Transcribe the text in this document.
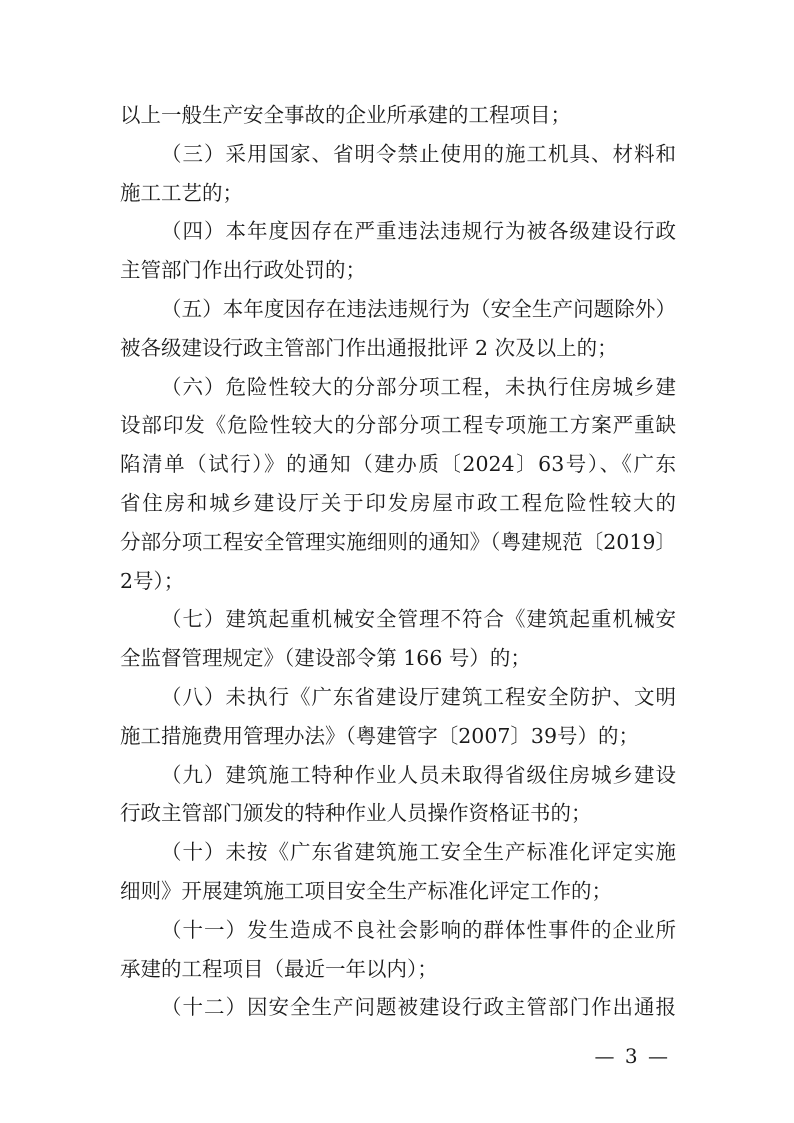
以上一般生产安全事故的企业所承建的工程项目；
（三）采用国家、省明令禁止使用的施工机具、材料和
施工工艺的；
（四）本年度因存在严重违法违规行为被各级建设行政
主管部门作出行政处罚的；
（五）本年度因存在违法违规行为（安全生产问题除外）
被各级建设行政主管部门作出通报批评 2 次及以上的；
（六）危险性较大的分部分项工程，未执行住房城乡建
设部印发《危险性较大的分部分项工程专项施工方案严重缺
陷清单（试行）》的通知（建办质〔2024〕63号）、《广东
省住房和城乡建设厅关于印发房屋市政工程危险性较大的
分部分项工程安全管理实施细则的通知》（粤建规范〔2019〕
2号）；
（七）建筑起重机械安全管理不符合《建筑起重机械安
全监督管理规定》（建设部令第 166 号）的；
（八）未执行《广东省建设厅建筑工程安全防护、文明
施工措施费用管理办法》（粤建管字〔2007〕39号）的；
（九）建筑施工特种作业人员未取得省级住房城乡建设
行政主管部门颁发的特种作业人员操作资格证书的；
（十）未按《广东省建筑施工安全生产标准化评定实施
细则》开展建筑施工项目安全生产标准化评定工作的；
（十一）发生造成不良社会影响的群体性事件的企业所
承建的工程项目（最近一年以内）；
（十二）因安全生产问题被建设行政主管部门作出通报
— 3 —
